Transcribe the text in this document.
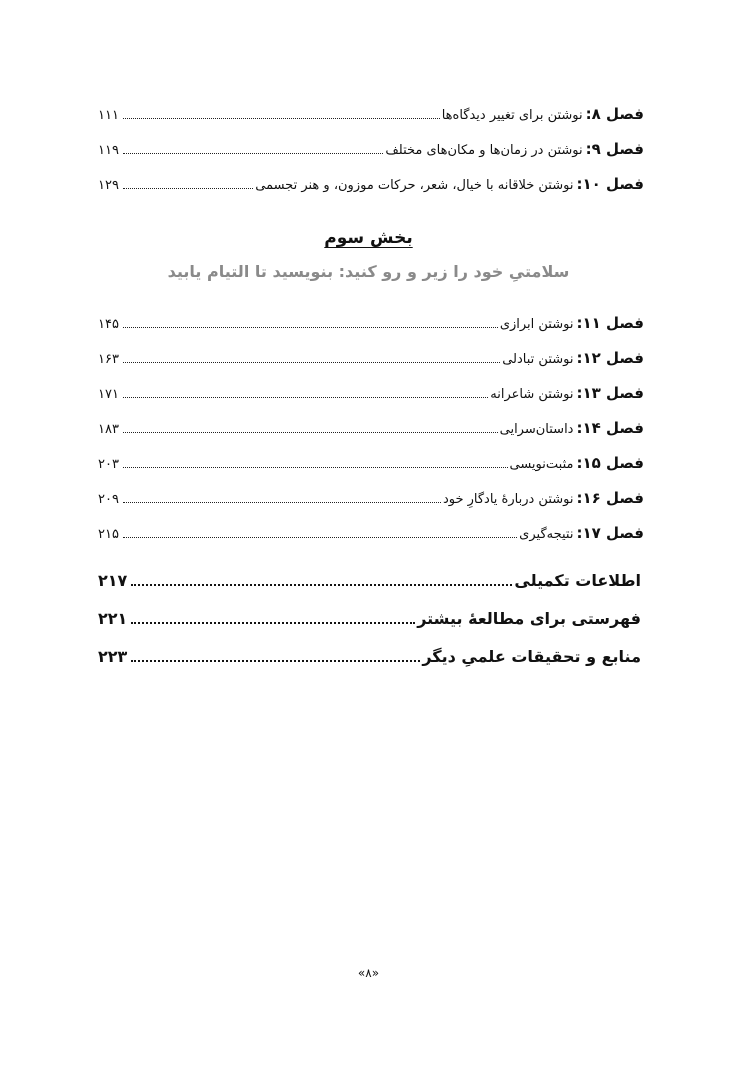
فصل ۸:
نوشتن برای تغییر دیدگاه‌ها
۱۱۱
فصل ۹:
نوشتن در زمان‌ها و مکان‌های مختلف
۱۱۹
فصل ۱۰:
نوشتن خلاقانه با خیال، شعر، حرکات موزون، و هنر تجسمی
۱۲۹
بخش سوم
سلامتیِ خود را زیر و رو کنید: بنویسید تا التیام یابید
فصل ۱۱:
نوشتن ابرازی
۱۴۵
فصل ۱۲:
نوشتن تبادلی
۱۶۳
فصل ۱۳:
نوشتن شاعرانه
۱۷۱
فصل ۱۴:
داستان‌سرایی
۱۸۳
فصل ۱۵:
مثبت‌نویسی
۲۰۳
فصل ۱۶:
نوشتن دربارهٔ یادگارِ خود
۲۰۹
فصل ۱۷:
نتیجه‌گیری
۲۱۵
اطلاعات تکمیلی
۲۱۷
فهرستی برای مطالعهٔ بیشتر
۲۲۱
منابع و تحقیقات علمیِ دیگر
۲۲۳
«۸»
